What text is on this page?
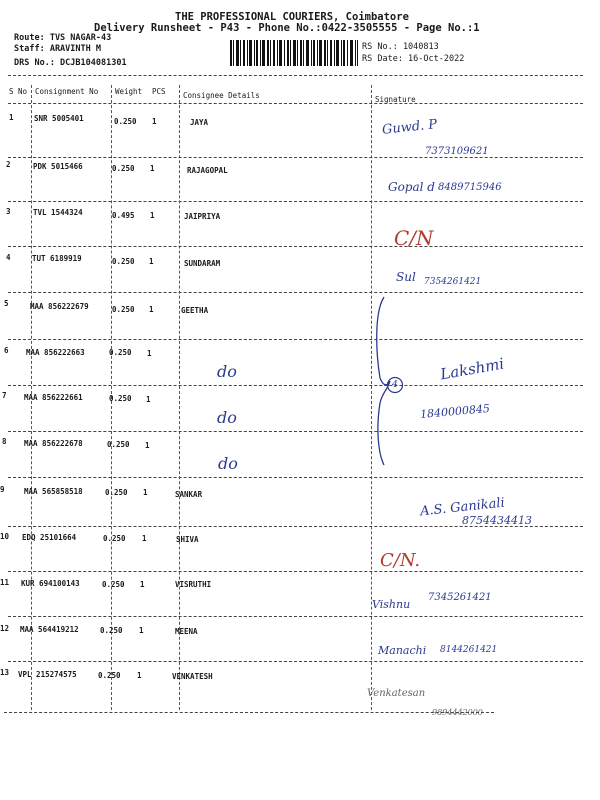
THE PROFESSIONAL COURIERS, Coimbatore
Delivery Runsheet - P43 - Phone No.:0422-3505555 - Page No.:1
Route: TVS NAGAR-43
Staff: ARAVINTH M
DRS No.: DCJB104081301
RS No.: 1040813
RS Date: 16-Oct-2022
S No Consignment No Weight PCS Consignee Details	Signature
1	SNR 5005401	0.250 1	JAYA	Guwd. P
7373109621
2	PDK 5015466	0.250 1	RAJAGOPAL
Gopal d 8489715946
3	TVL 1544324	0.495 1	JAIPRIYA
C/N
4	TUT 6189919	0.250 1	SUNDARAM
Sul 7354261421
5	MAA 856222679	0.250 1	GEETHA
6 MAA 856222663	0.250 1
do
7 MAA 856222661	0.250 1
do
8 MAA 856222678	0.250 1
do
4
Lakshmi
1840000845
9	MAA 565858518	0.250 1	SANKAR
A.S. Ganikali
8754434413
10 EDQ 25101664	0.250 1	SHIVA
C/N.
11 KUR 694100143	0.250 1	VISRUTHI
Vishnu
7345261421
12 MAA 564419212	0.250 1	MEENA
Manachi 8144261421
13 VPL 215274575	0.250 1	VENKATESH
Venkatesan
9894442000
